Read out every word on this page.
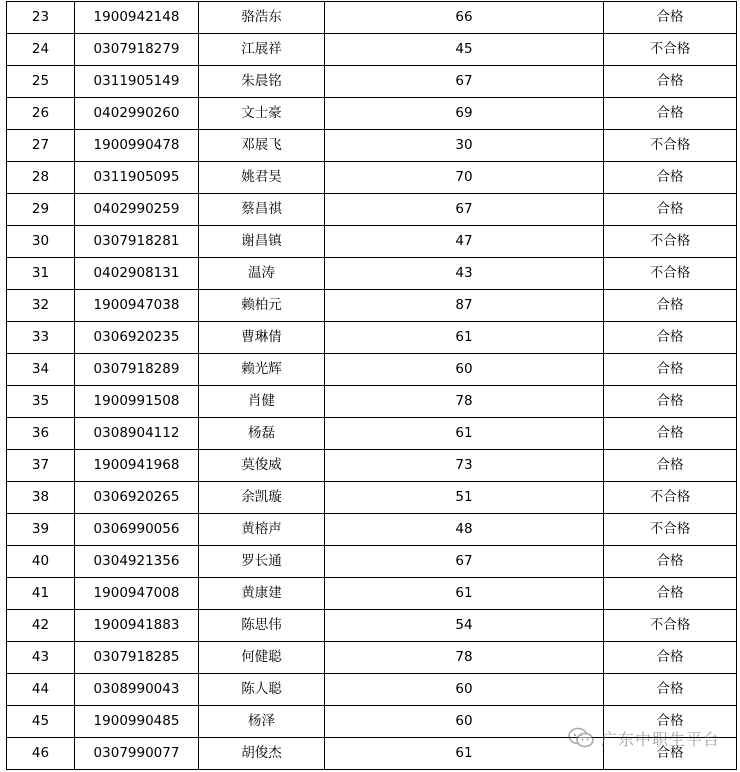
23	1900942148	骆浩东	66	合格
24	0307918279	江展祥	45	不合格
25	0311905149	朱晨铭	67	合格
26	0402990260	文士豪	69	合格
27	1900990478	邓展飞	30	不合格
28	0311905095	姚君昊	70	合格
29	0402990259	蔡昌祺	67	合格
30	0307918281	谢昌镇	47	不合格
31	0402908131	温涛	43	不合格
32	1900947038	赖柏元	87	合格
33	0306920235	曹琳倩	61	合格
34	0307918289	赖光辉	60	合格
35	1900991508	肖健	78	合格
36	0308904112	杨磊	61	合格
37	1900941968	莫俊威	73	合格
38	0306920265	余凯璇	51	不合格
39	0306990056	黄榕声	48	不合格
40	0304921356	罗长通	67	合格
41	1900947008	黄康建	61	合格
42	1900941883	陈思伟	54	不合格
43	0307918285	何健聪	78	合格
44	0308990043	陈人聪	60	合格
45	1900990485	杨泽	60	合格
46	0307990077	胡俊杰	61	合格
广东中职生平台
